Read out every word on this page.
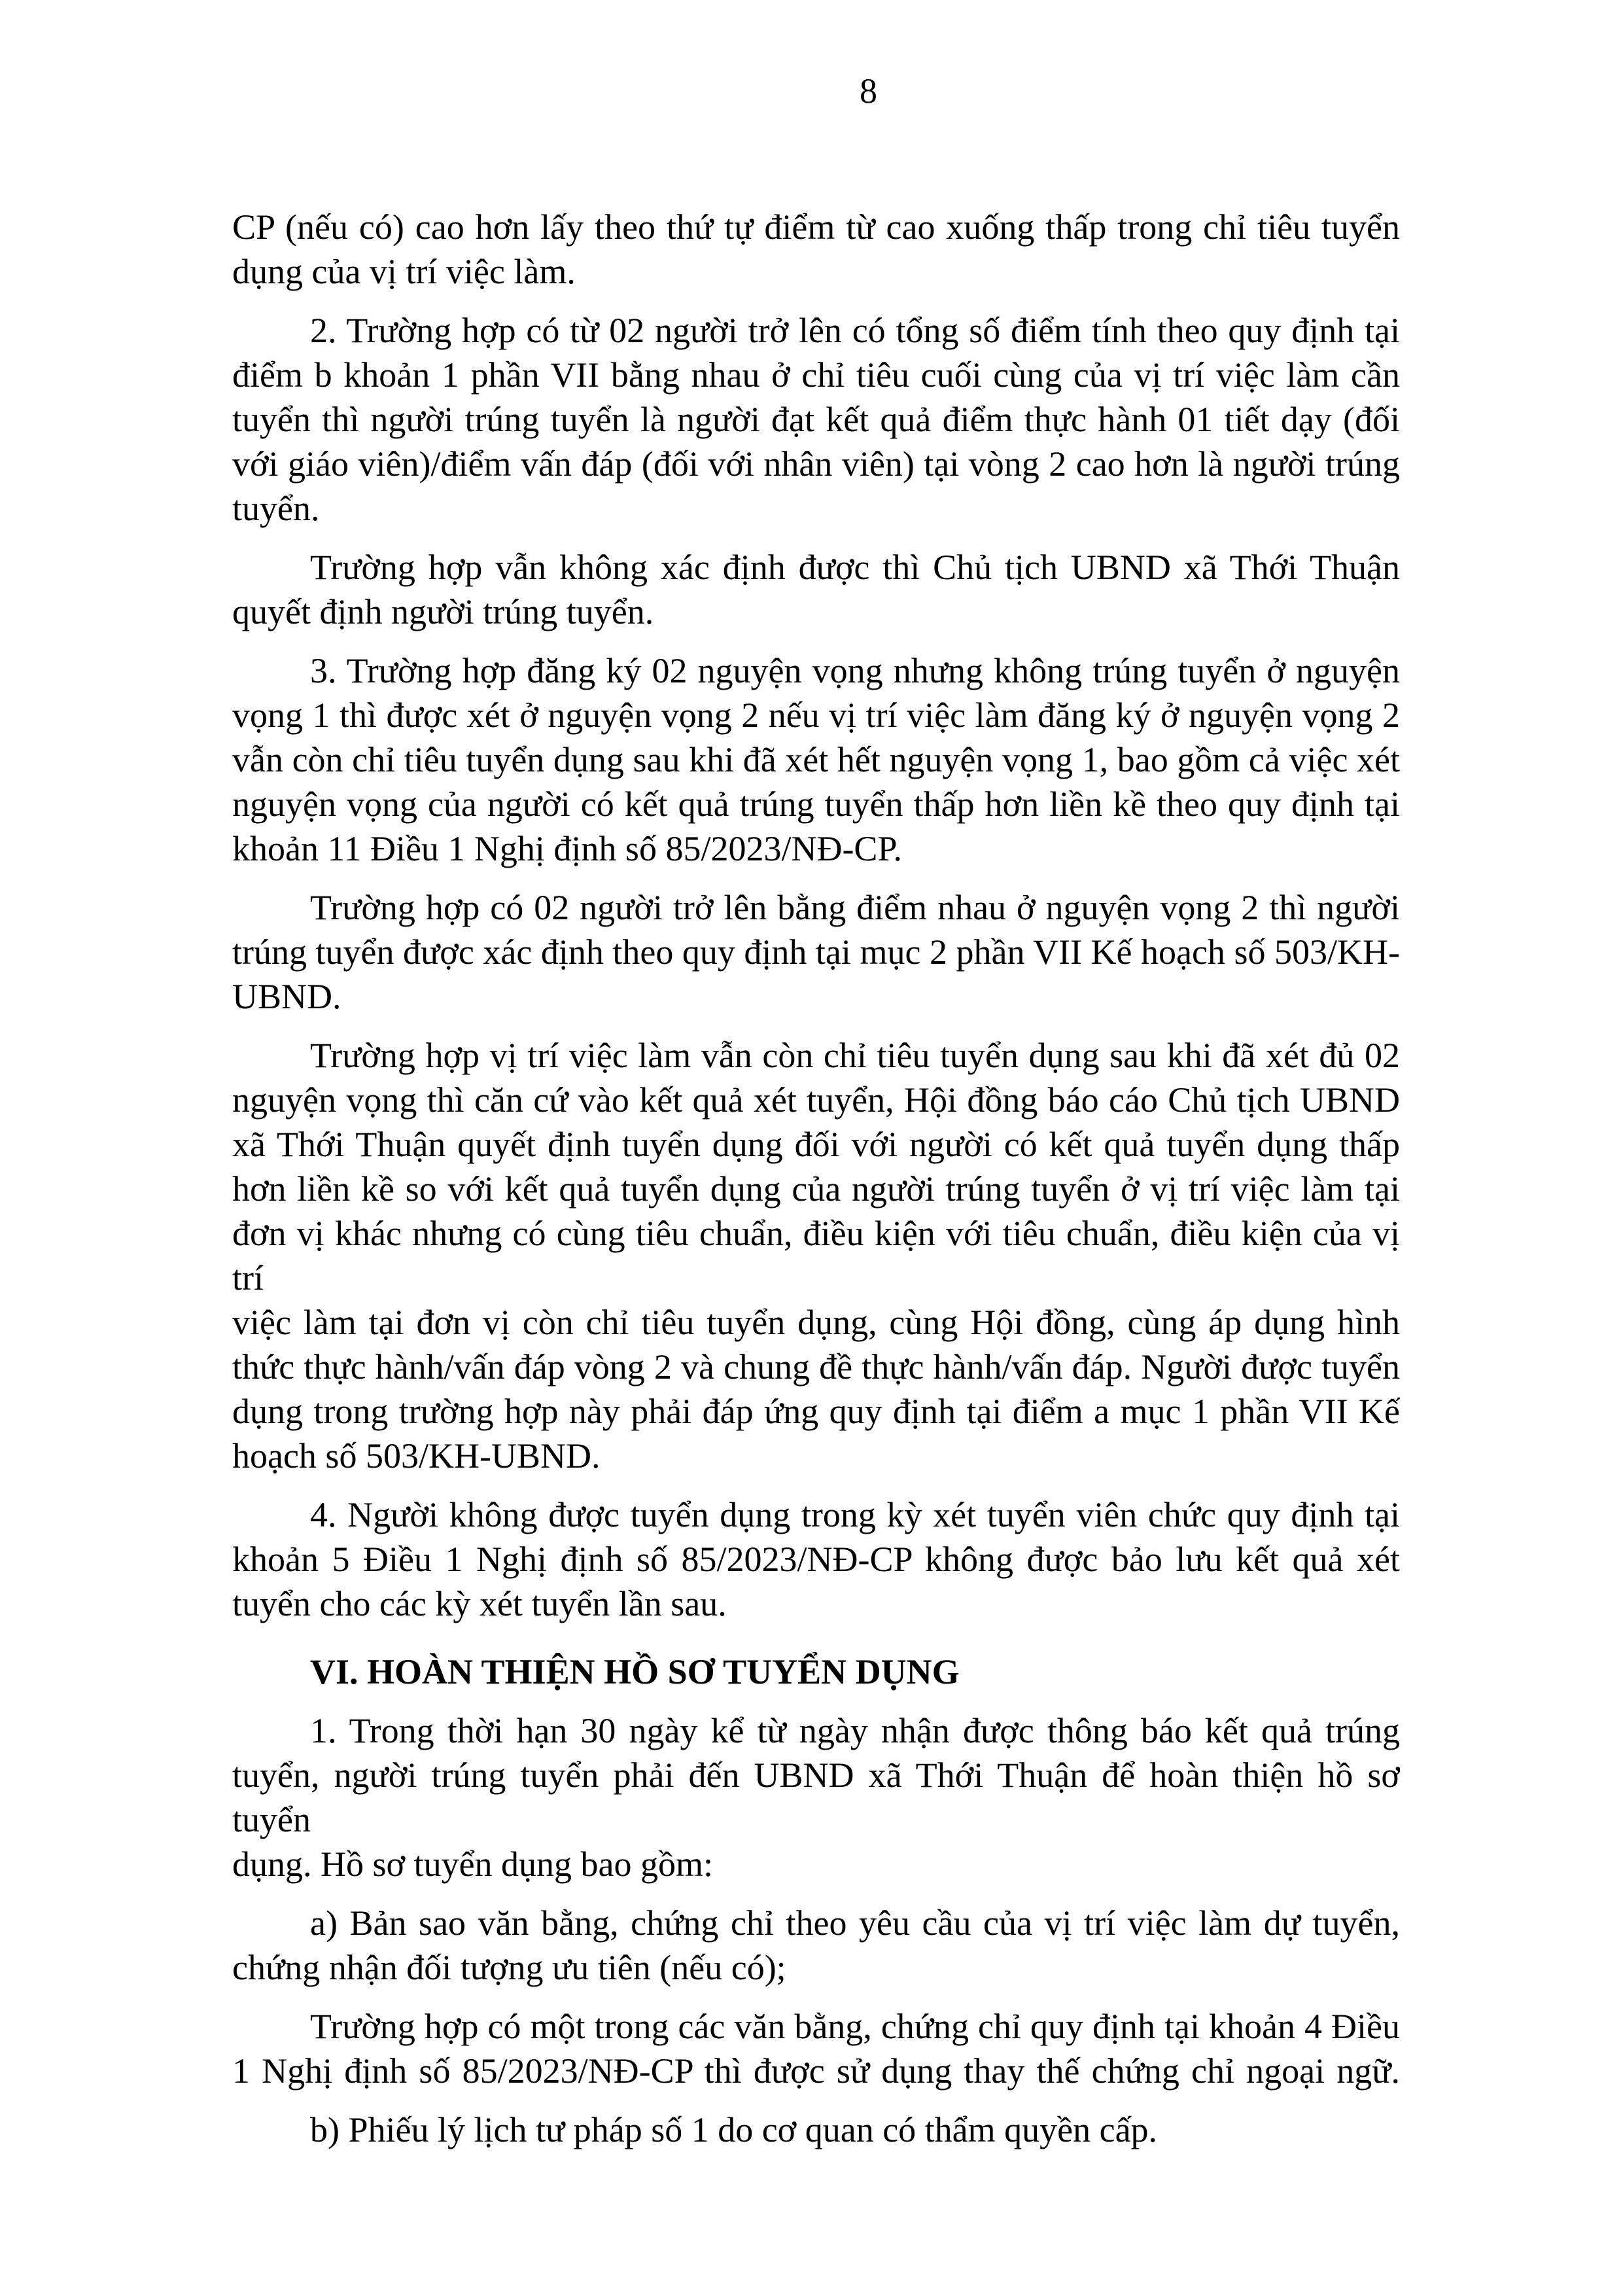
8

CP (nếu có) cao hơn lấy theo thứ tự điểm từ cao xuống thấp trong chỉ tiêu tuyển
dụng của vị trí việc làm.

2. Trường hợp có từ 02 người trở lên có tổng số điểm tính theo quy định tại
điểm b khoản 1 phần VII bằng nhau ở chỉ tiêu cuối cùng của vị trí việc làm cần
tuyển thì người trúng tuyển là người đạt kết quả điểm thực hành 01 tiết dạy (đối
với giáo viên)/điểm vấn đáp (đối với nhân viên) tại vòng 2 cao hơn là người trúng
tuyển.

Trường hợp vẫn không xác định được thì Chủ tịch UBND xã Thới Thuận
quyết định người trúng tuyển.

3. Trường hợp đăng ký 02 nguyện vọng nhưng không trúng tuyển ở nguyện
vọng 1 thì được xét ở nguyện vọng 2 nếu vị trí việc làm đăng ký ở nguyện vọng 2
vẫn còn chỉ tiêu tuyển dụng sau khi đã xét hết nguyện vọng 1, bao gồm cả việc xét
nguyện vọng của người có kết quả trúng tuyển thấp hơn liền kề theo quy định tại
khoản 11 Điều 1 Nghị định số 85/2023/NĐ-CP.

Trường hợp có 02 người trở lên bằng điểm nhau ở nguyện vọng 2 thì người
trúng tuyển được xác định theo quy định tại mục 2 phần VII Kế hoạch số 503/KH-
UBND.

Trường hợp vị trí việc làm vẫn còn chỉ tiêu tuyển dụng sau khi đã xét đủ 02
nguyện vọng thì căn cứ vào kết quả xét tuyển, Hội đồng báo cáo Chủ tịch UBND
xã Thới Thuận quyết định tuyển dụng đối với người có kết quả tuyển dụng thấp
hơn liền kề so với kết quả tuyển dụng của người trúng tuyển ở vị trí việc làm tại
đơn vị khác nhưng có cùng tiêu chuẩn, điều kiện với tiêu chuẩn, điều kiện của vị trí
việc làm tại đơn vị còn chỉ tiêu tuyển dụng, cùng Hội đồng, cùng áp dụng hình
thức thực hành/vấn đáp vòng 2 và chung đề thực hành/vấn đáp. Người được tuyển
dụng trong trường hợp này phải đáp ứng quy định tại điểm a mục 1 phần VII Kế
hoạch số 503/KH-UBND.

4. Người không được tuyển dụng trong kỳ xét tuyển viên chức quy định tại
khoản 5 Điều 1 Nghị định số 85/2023/NĐ-CP không được bảo lưu kết quả xét
tuyển cho các kỳ xét tuyển lần sau.

VI. HOÀN THIỆN HỒ SƠ TUYỂN DỤNG

1. Trong thời hạn 30 ngày kể từ ngày nhận được thông báo kết quả trúng
tuyển, người trúng tuyển phải đến UBND xã Thới Thuận để hoàn thiện hồ sơ tuyển
dụng. Hồ sơ tuyển dụng bao gồm:

a) Bản sao văn bằng, chứng chỉ theo yêu cầu của vị trí việc làm dự tuyển,
chứng nhận đối tượng ưu tiên (nếu có);

Trường hợp có một trong các văn bằng, chứng chỉ quy định tại khoản 4 Điều
1 Nghị định số 85/2023/NĐ-CP thì được sử dụng thay thế chứng chỉ ngoại ngữ.
b) Phiếu lý lịch tư pháp số 1 do cơ quan có thẩm quyền cấp.
